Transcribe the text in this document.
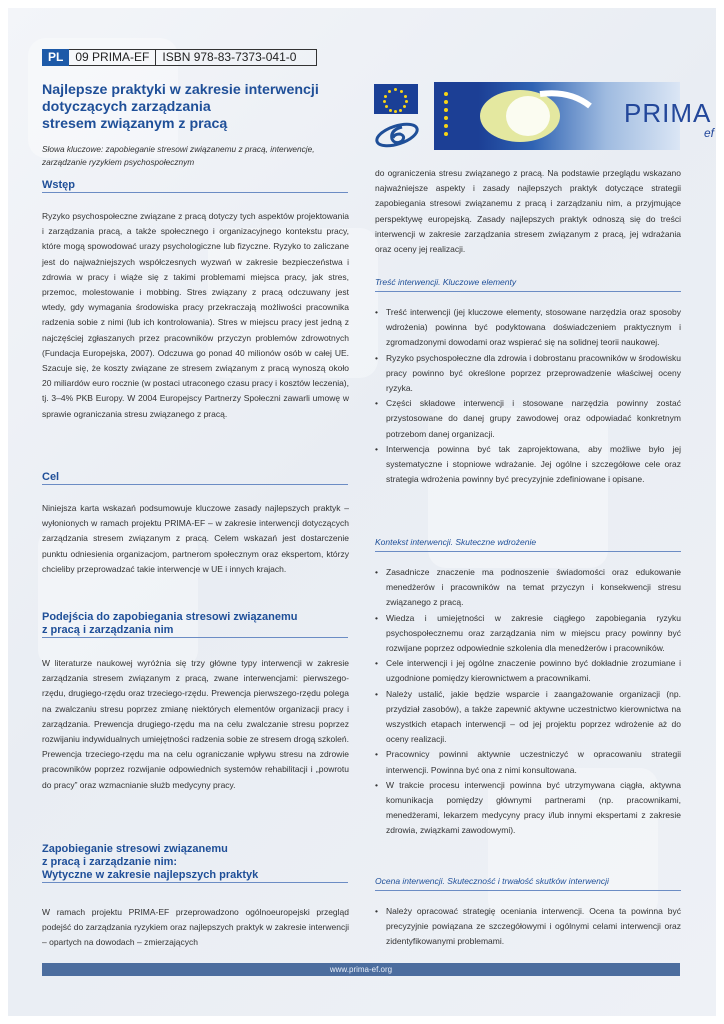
PL	09 PRIMA-EF	ISBN 978-83-7373-041-0
Najlepsze praktyki w zakresie interwencji
dotyczących zarządzania
stresem związanym z pracą
Słowa kluczowe: zapobieganie stresowi związanemu z pracą, interwencje, zarządzanie ryzykiem psychospołecznym
Wstęp
Ryzyko psychospołeczne związane z pracą dotyczy tych aspektów projektowania i zarządzania pracą, a także społecznego i organizacyjnego kontekstu pracy, które mogą spowodować urazy psychologiczne lub fizyczne. Ryzyko to zaliczane jest do najważniejszych współczesnych wyzwań w zakresie bezpieczeństwa i zdrowia w pracy i wiąże się z takimi problemami miejsca pracy, jak stres, przemoc, molestowanie i mobbing. Stres związany z pracą odczuwany jest wtedy, gdy wymagania środowiska pracy przekraczają możliwości pracownika radzenia sobie z nimi (lub ich kontrolowania). Stres w miejscu pracy jest jedną z najczęściej zgłaszanych przez pracowników przyczyn problemów zdrowotnych (Fundacja Europejska, 2007). Odczuwa go ponad 40 milionów osób w całej UE. Szacuje się, że koszty związane ze stresem związanym z pracą wynoszą około 20 miliardów euro rocznie (w postaci utraconego czasu pracy i kosztów leczenia), tj. 3–4% PKB Europy. W 2004 Europejscy Partnerzy Społeczni zawarli umowę w sprawie ograniczania stresu związanego z pracą.
Cel
Niniejsza karta wskazań podsumowuje kluczowe zasady najlepszych praktyk – wyłonionych w ramach projektu PRIMA-EF – w zakresie interwencji dotyczących zarządzania stresem związanym z pracą. Celem wskazań jest dostarczenie punktu odniesienia organizacjom, partnerom społecznym oraz ekspertom, którzy chcieliby przeprowadzać takie interwencje w UE i innych krajach.
Podejścia do zapobiegania stresowi związanemu
z pracą i zarządzania nim
W literaturze naukowej wyróżnia się trzy główne typy interwencji w zakresie zarządzania stresem związanym z pracą, zwane interwencjami: pierwszego-rzędu, drugiego-rzędu oraz trzeciego-rzędu. Prewencja pierwszego-rzędu polega na zwalczaniu stresu poprzez zmianę niektórych elementów organizacji pracy i zarządzania. Prewencja drugiego-rzędu ma na celu zwalczanie stresu poprzez rozwijaniu indywidualnych umiejętności radzenia sobie ze stresem drogą szkoleń. Prewencja trzeciego-rzędu ma na celu ograniczanie wpływu stresu na zdrowie pracowników poprzez rozwijanie odpowiednich systemów rehabilitacji i „powrotu do pracy” oraz wzmacnianie służb medycyny pracy.
Zapobieganie stresowi związanemu
z pracą i zarządzanie nim:
Wytyczne w zakresie najlepszych praktyk
W ramach projektu PRIMA-EF przeprowadzono ogólnoeuropejski przegląd podejść do zarządzania ryzykiem oraz najlepszych praktyk w zakresie interwencji – opartych na dowodach – zmierzających
PRIMA
ef
do ograniczenia stresu związanego z pracą. Na podstawie przeglądu wskazano najważniejsze aspekty i zasady najlepszych praktyk dotyczące strategii zapobiegania stresowi związanemu z pracą i zarządzaniu nim, a przyjmujące perspektywę europejską. Zasady najlepszych praktyk odnoszą się do treści interwencji w zakresie zarządzania stresem związanym z pracą, jej wdrażania oraz oceny jej realizacji.
Treść interwencji. Kluczowe elementy
• Treść interwencji (jej kluczowe elementy, stosowane narzędzia oraz sposoby wdrożenia) powinna być podyktowana doświadczeniem praktycznym i zgromadzonymi dowodami oraz wspierać się na solidnej teorii naukowej.
• Ryzyko psychospołeczne dla zdrowia i dobrostanu pracowników w środowisku pracy powinno być określone poprzez przeprowadzenie właściwej oceny ryzyka.
• Części składowe interwencji i stosowane narzędzia powinny zostać przystosowane do danej grupy zawodowej oraz odpowiadać konkretnym potrzebom danej organizacji.
• Interwencja powinna być tak zaprojektowana, aby możliwe było jej systematyczne i stopniowe wdrażanie. Jej ogólne i szczegółowe cele oraz strategia wdrożenia powinny być precyzyjnie zdefiniowane i opisane.
Kontekst interwencji. Skuteczne wdrożenie
• Zasadnicze znaczenie ma podnoszenie świadomości oraz edukowanie menedżerów i pracowników na temat przyczyn i konsekwencji stresu związanego z pracą.
• Wiedza i umiejętności w zakresie ciągłego zapobiegania ryzyku psychospołecznemu oraz zarządzania nim w miejscu pracy powinny być rozwijane poprzez odpowiednie szkolenia dla menedżerów i pracowników.
• Cele interwencji i jej ogólne znaczenie powinno być dokładnie zrozumiane i uzgodnione pomiędzy kierownictwem a pracownikami.
• Należy ustalić, jakie będzie wsparcie i zaangażowanie organizacji (np. przydział zasobów), a także zapewnić aktywne uczestnictwo kierownictwa na wszystkich etapach interwencji – od jej projektu poprzez wdrożenie aż do oceny realizacji.
• Pracownicy powinni aktywnie uczestniczyć w opracowaniu strategii interwencji. Powinna być ona z nimi konsultowana.
• W trakcie procesu interwencji powinna być utrzymywana ciągła, aktywna komunikacja pomiędzy głównymi partnerami (np. pracownikami, menedżerami, lekarzem medycyny pracy i/lub innymi ekspertami z zakresie zdrowia, związkami zawodowymi).
Ocena interwencji. Skuteczność i trwałość skutków interwencji
• Należy opracować strategię oceniania interwencji. Ocena ta powinna być precyzyjnie powiązana ze szczegółowymi i ogólnymi celami interwencji oraz zidentyfikowanymi problemami.
www.prima-ef.org
